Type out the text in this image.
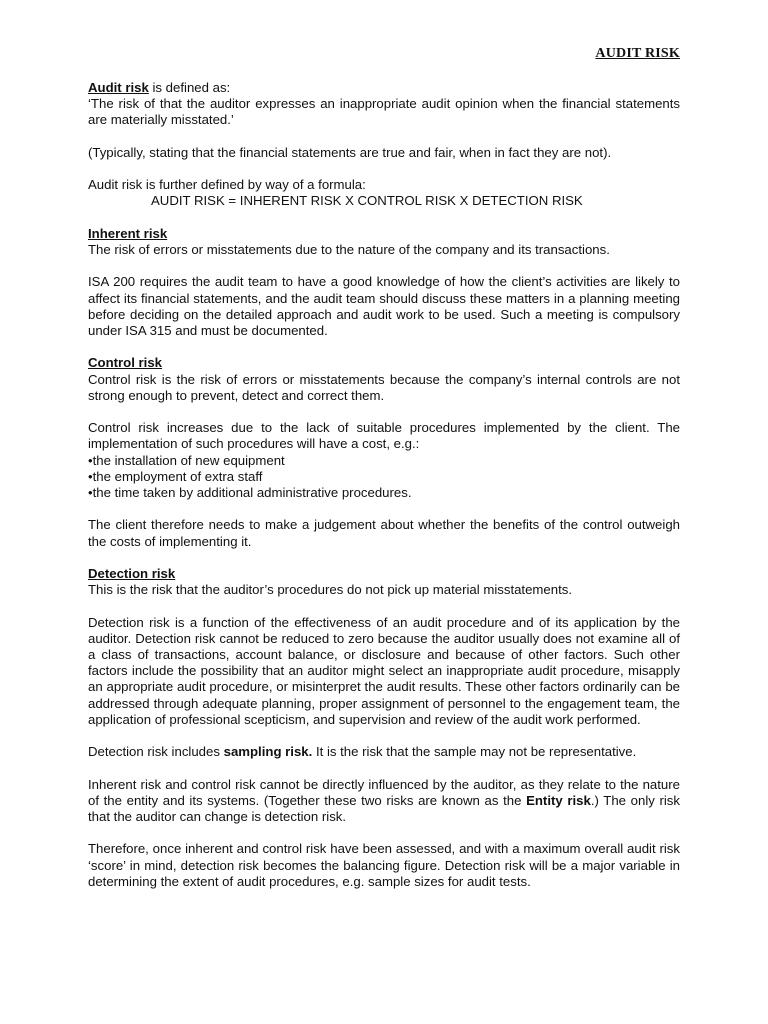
AUDIT RISK

Audit risk is defined as:

‘The risk of that the auditor expresses an inappropriate audit opinion when the financial statements are materially misstated.’

(Typically, stating that the financial statements are true and fair, when in fact they are not).

Audit risk is further defined by way of a formula:

AUDIT RISK = INHERENT RISK X CONTROL RISK X DETECTION RISK

Inherent risk

The risk of errors or misstatements due to the nature of the company and its transactions.

ISA 200 requires the audit team to have a good knowledge of how the client’s activities are likely to affect its financial statements, and the audit team should discuss these matters in a planning meeting before deciding on the detailed approach and audit work to be used. Such a meeting is compulsory under ISA 315 and must be documented.

Control risk

Control risk is the risk of errors or misstatements because the company’s internal controls are not strong enough to prevent, detect and correct them.

Control risk increases due to the lack of suitable procedures implemented by the client. The implementation of such procedures will have a cost, e.g.:

•the installation of new equipment

•the employment of extra staff

•the time taken by additional administrative procedures.

The client therefore needs to make a judgement about whether the benefits of the control outweigh the costs of implementing it.

Detection risk

This is the risk that the auditor’s procedures do not pick up material misstatements.

Detection risk is a function of the effectiveness of an audit procedure and of its application by the auditor. Detection risk cannot be reduced to zero because the auditor usually does not examine all of a class of transactions, account balance, or disclosure and because of other factors. Such other factors include the possibility that an auditor might select an inappropriate audit procedure, misapply an appropriate audit procedure, or misinterpret the audit results. These other factors ordinarily can be addressed through adequate planning, proper assignment of personnel to the engagement team, the application of professional scepticism, and supervision and review of the audit work performed.

Detection risk includes sampling risk. It is the risk that the sample may not be representative.

Inherent risk and control risk cannot be directly influenced by the auditor, as they relate to the nature of the entity and its systems. (Together these two risks are known as the Entity risk.) The only risk that the auditor can change is detection risk.

Therefore, once inherent and control risk have been assessed, and with a maximum overall audit risk ‘score’ in mind, detection risk becomes the balancing figure. Detection risk will be a major variable in determining the extent of audit procedures, e.g. sample sizes for audit tests.
